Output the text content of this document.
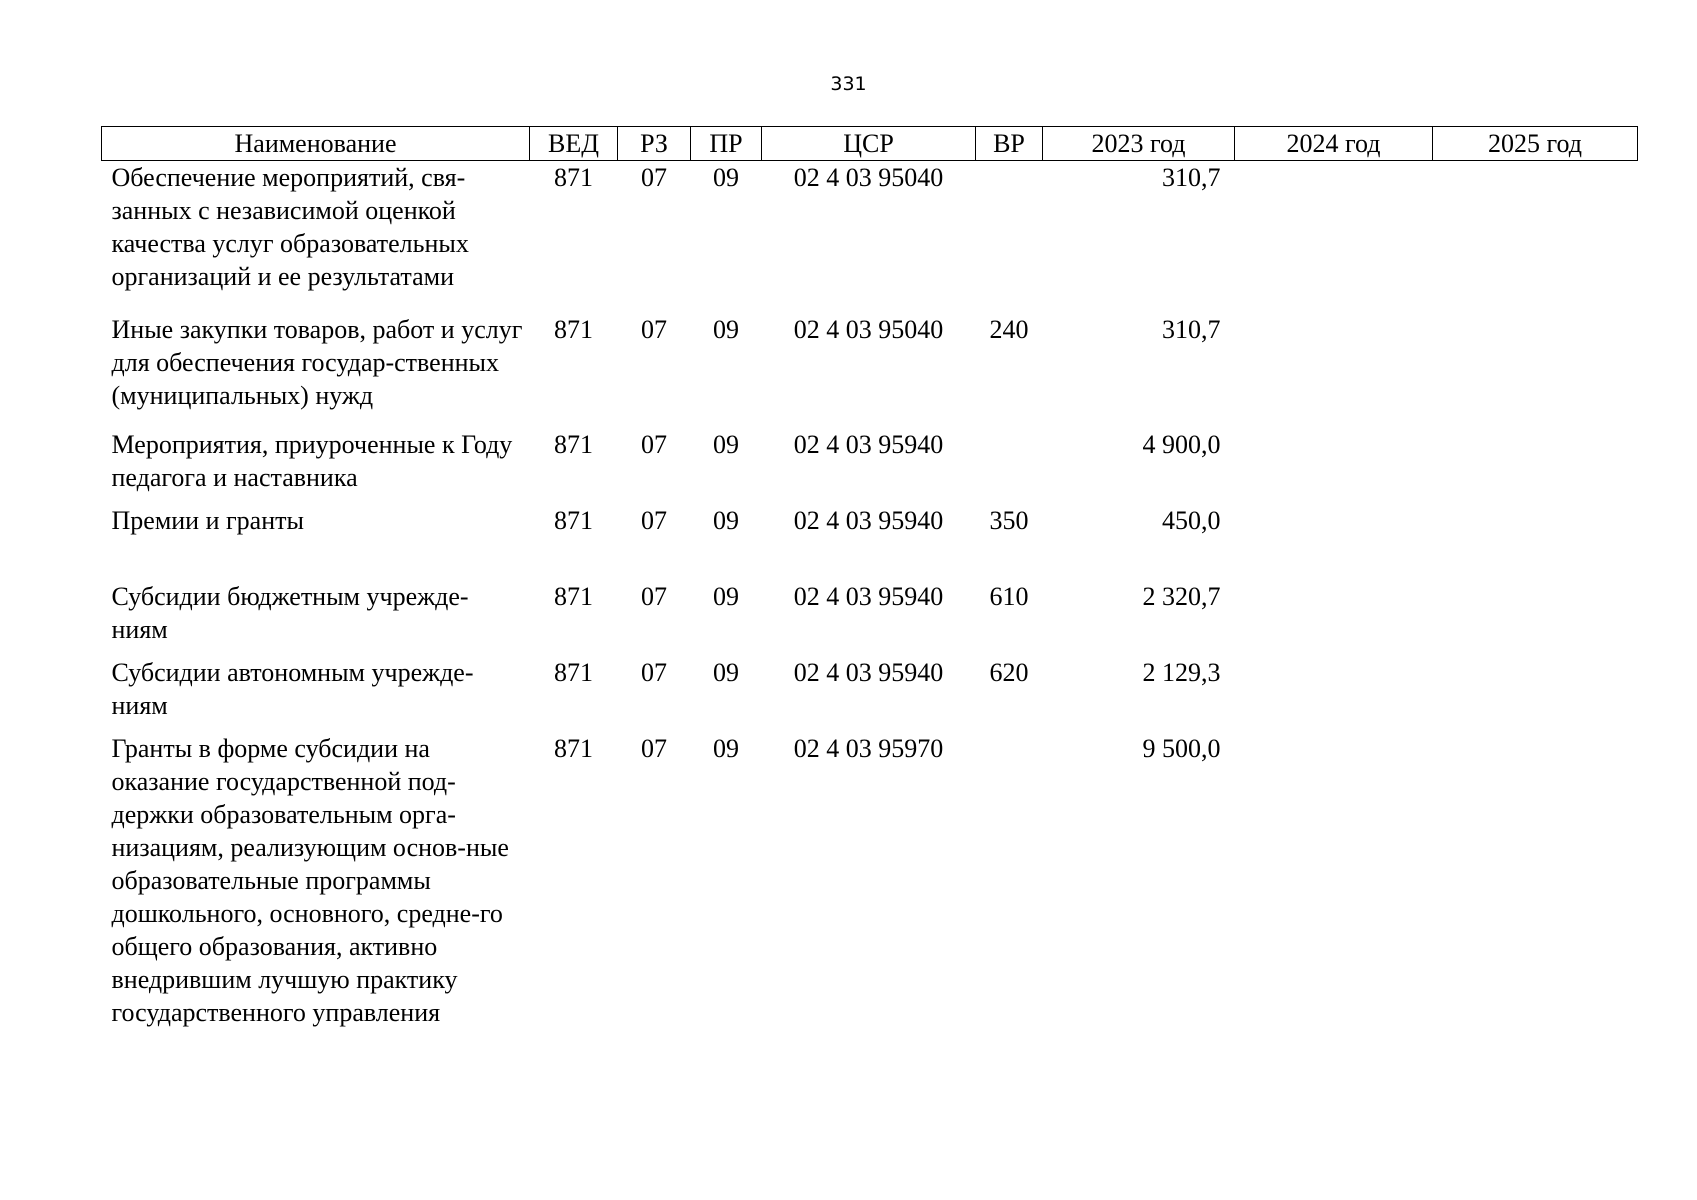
331
Наименование	ВЕД	РЗ	ПР	ЦСР	ВР	2023 год	2024 год	2025 год

Обеспечение мероприятий, свя-занных с независимой оценкой качества услуг образовательных организаций и ее результатами	871	07	09	02 4 03 95040		310,7		

Иные закупки товаров, работ и услуг для обеспечения государ-ственных (муниципальных) нужд	871	07	09	02 4 03 95040	240	310,7		

Мероприятия, приуроченные к Году педагога и наставника	871	07	09	02 4 03 95940		4 900,0		

Премии и гранты	871	07	09	02 4 03 95940	350	450,0		

Субсидии бюджетным учрежде-ниям	871	07	09	02 4 03 95940	610	2 320,7		

Субсидии автономным учрежде-ниям	871	07	09	02 4 03 95940	620	2 129,3		

Гранты в форме субсидии на оказание государственной под-держки образовательным орга-низациям, реализующим основ-ные образовательные программы дошкольного, основного, средне-го общего образования, активно внедрившим лучшую практику государственного управления	871	07	09	02 4 03 95970		9 500,0		
